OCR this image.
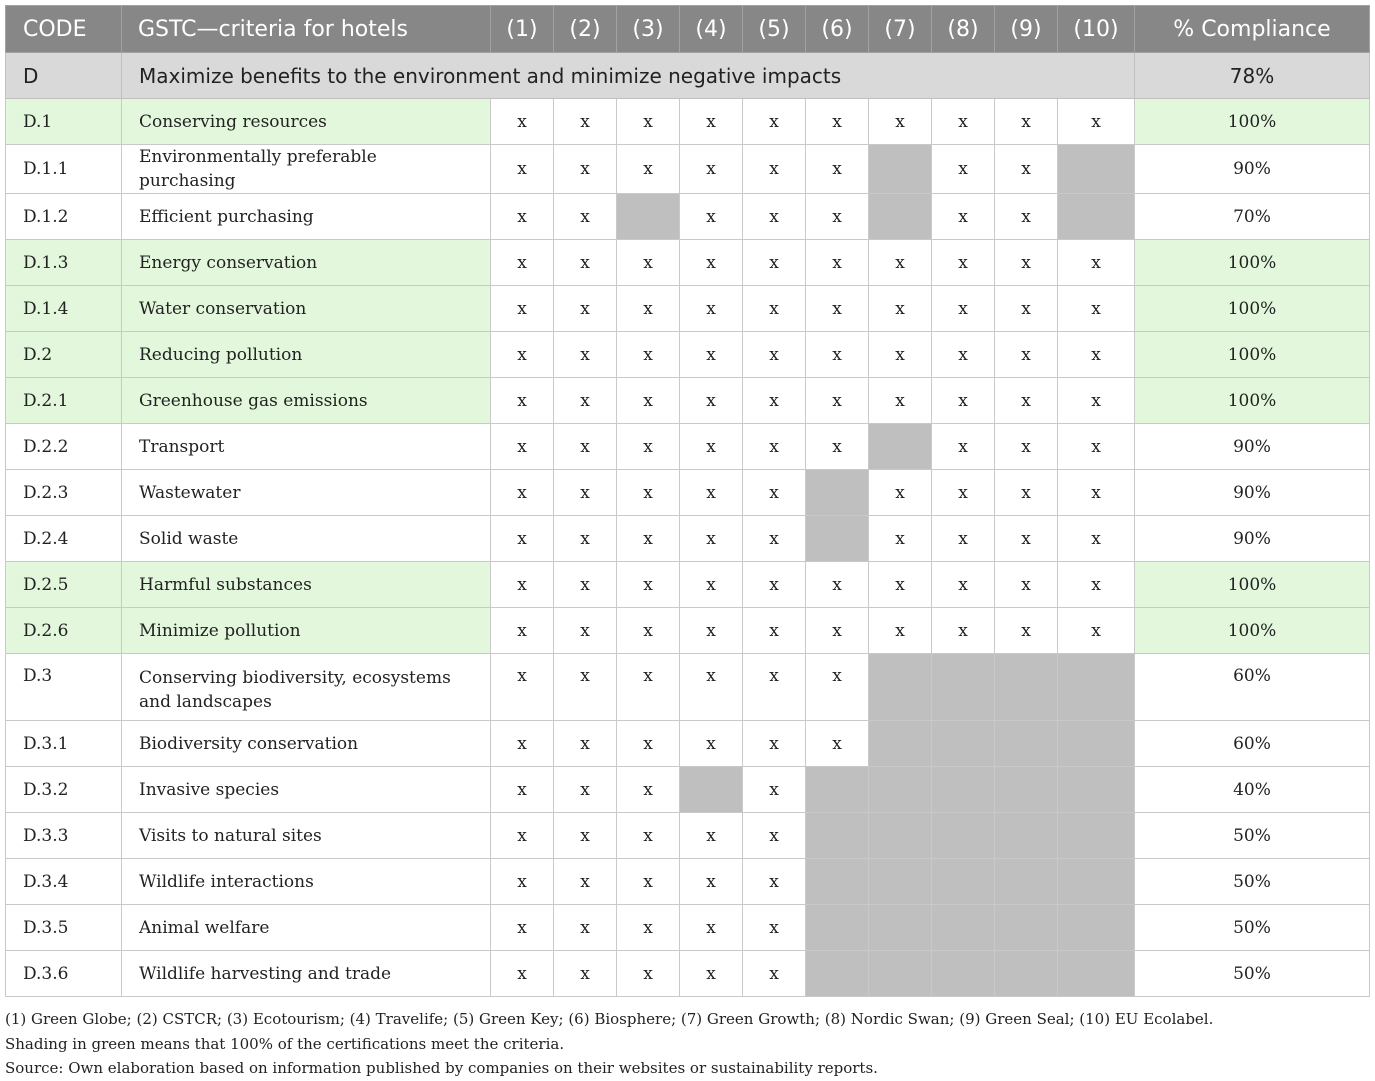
CODE	GSTC—criteria for hotels	(1)	(2)	(3)	(4)	(5)	(6)	(7)	(8)	(9)	(10)	% Compliance
D	Maximize benefits to the environment and minimize negative impacts											78%
D.1	Conserving resources	x	x	x	x	x	x	x	x	x	x	100%
D.1.1	Environmentally preferable purchasing	x	x	x	x	x	x		x	x		90%
D.1.2	Efficient purchasing	x	x		x	x	x		x	x		70%
D.1.3	Energy conservation	x	x	x	x	x	x	x	x	x	x	100%
D.1.4	Water conservation	x	x	x	x	x	x	x	x	x	x	100%
D.2	Reducing pollution	x	x	x	x	x	x	x	x	x	x	100%
D.2.1	Greenhouse gas emissions	x	x	x	x	x	x	x	x	x	x	100%
D.2.2	Transport	x	x	x	x	x	x		x	x	x	90%
D.2.3	Wastewater	x	x	x	x	x		x	x	x	x	90%
D.2.4	Solid waste	x	x	x	x	x		x	x	x	x	90%
D.2.5	Harmful substances	x	x	x	x	x	x	x	x	x	x	100%
D.2.6	Minimize pollution	x	x	x	x	x	x	x	x	x	x	100%
D.3	Conserving biodiversity, ecosystems and landscapes	x	x	x	x	x	x					60%
D.3.1	Biodiversity conservation	x	x	x	x	x	x					60%
D.3.2	Invasive species	x	x	x		x						40%
D.3.3	Visits to natural sites	x	x	x	x	x						50%
D.3.4	Wildlife interactions	x	x	x	x	x						50%
D.3.5	Animal welfare	x	x	x	x	x						50%
D.3.6	Wildlife harvesting and trade	x	x	x	x	x						50%

(1) Green Globe; (2) CSTCR; (3) Ecotourism; (4) Travelife; (5) Green Key; (6) Biosphere; (7) Green Growth; (8) Nordic Swan; (9) Green Seal; (10) EU Ecolabel.

Shading in green means that 100% of the certifications meet the criteria.

Source: Own elaboration based on information published by companies on their websites or sustainability reports.
